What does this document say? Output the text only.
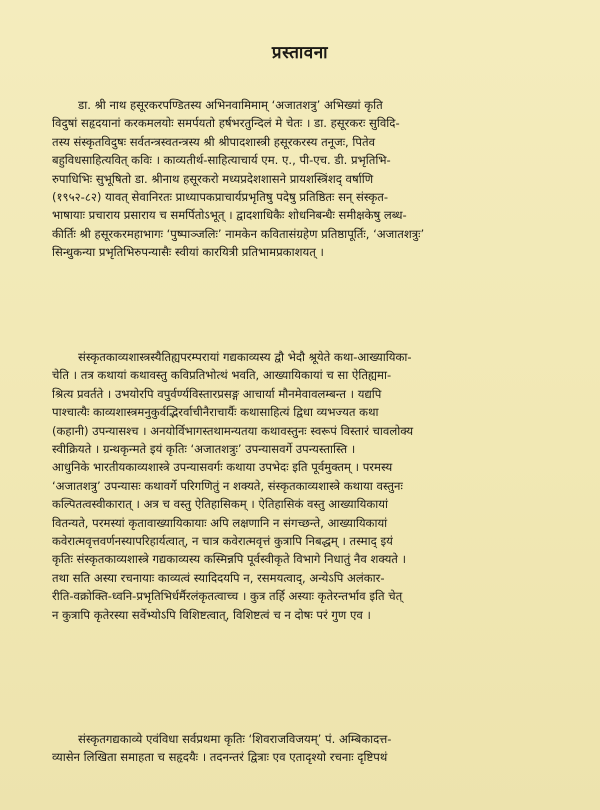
प्रस्तावना
डा. श्री नाथ हसूरकरपण्डितस्य अभिनवामिमाम् ‘अजातशत्रु’ अभिख्यां कृति
विदुषां सहृदयानां करकमलयोः समर्पयतो हर्षभरतुन्दिलं मे चेतः । डा. हसूरकरः सुविदि-
तस्य संस्कृतविदुषः सर्वतन्त्रस्वतन्त्रस्य श्री श्रीपादशास्त्री हसूरकरस्य तनूजः, पितेव
बहुविधसाहित्यवित् कविः । काव्यतीर्थ-साहित्याचार्य एम. ए., पी-एच. डी. प्रभृतिभि-
रुपाधिभिः सुभूषितो डा. श्रीनाथ हसूरकरो मध्यप्रदेशशासने प्रायशस्त्रिंशद् वर्षाणि
(१९५२-८२) यावत् सेवानिरतः प्राध्यापकप्राचार्यप्रभृतिषु पदेषु प्रतिष्ठितः सन् संस्कृत-
भाषायाः प्रचाराय प्रसाराय च समर्पितोऽभूत् । द्वादशाधिकैः शोधनिबन्धैः समीक्षकेषु लब्ध-
कीर्तिः श्री हसूरकरमहाभागः ‘पुष्पाञ्जलिः’ नामकेन कवितासंग्रहेण प्रतिष्ठापूर्तिः, ‘अजातशत्रुः’
सिन्धुकन्या प्रभृतिभिरुपन्यासैः स्वीयां कारयित्री प्रतिभामप्रकाशयत् ।
संस्कृतकाव्यशास्त्रस्यैतिह्यपरम्परायां गद्यकाव्यस्य द्वौ भेदौ श्रूयेते कथा-आख्यायिका-
चेति । तत्र कथायां कथावस्तु कविप्रतिभोत्थं भवति, आख्यायिकायां च सा ऐतिह्यमा-
श्रित्य प्रवर्तते । उभयोरपि वपुर्वर्ण्यविस्तारप्रसङ्ग आचार्या मौनमेवावलम्बन्त । यद्यपि
पाश्चात्यैः काव्यशास्त्रमनुकुर्वद्भिरर्वाचीनैराचार्यैः कथासाहित्यं द्विधा व्यभज्यत कथा
(कहानी) उपन्यासश्च । अनयोर्विभागस्तथामन्यतया कथावस्तुनः स्वरूपं विस्तारं चावलोक्य
स्वीक्रियते । ग्रन्थकृन्मते इयं कृतिः ‘अजातशत्रुः’ उपन्यासवर्गे उपन्यस्तास्ति ।
आधुनिके भारतीयकाव्यशास्त्रे उपन्यासवर्गः कथाया उपभेदः इति पूर्वमुक्तम् । परमस्य
‘अजातशत्रु’ उपन्यासः कथावर्गे परिगणितुं न शक्यते, संस्कृतकाव्यशास्त्रे कथाया वस्तुनः
कल्पितत्वस्वीकारात् । अत्र च वस्तु ऐतिहासिकम् । ऐतिहासिकं वस्तु आख्यायिकायां
वितन्यते, परमस्यां कृतावाख्यायिकायाः अपि लक्षणानि न संगच्छन्ते, आख्यायिकायां
कवेरात्मवृत्तवर्णनस्यापरिहार्यत्वात्, न चात्र कवेरात्मवृत्तं कुत्रापि निबद्धम् । तस्माद् इयं
कृतिः संस्कृतकाव्यशास्त्रे गद्यकाव्यस्य कस्मिन्नपि पूर्वस्वीकृते विभागे निधातुं नैव शक्यते ।
तथा सति अस्या रचनायाः काव्यत्वं स्यादिदयपि न, रसमयत्वाद्, अन्येऽपि अलंकार-
रीति-वक्रोक्ति-ध्वनि-प्रभृतिभिर्धर्मैरलंकृतत्वाच्च । कुत्र तर्हि अस्याः कृतेरन्तर्भाव इति चेत्
न कुत्रापि कृतेरस्या सर्वेभ्योऽपि विशिष्टत्वात्, विशिष्टत्वं च न दोषः परं गुण एव ।
संस्कृतगद्यकाव्ये एवंविधा सर्वप्रथमा कृतिः ‘शिवराजविजयम्’ पं. अम्बिकादत्त-
व्यासेन लिखिता समाहता च सहृदयैः । तदनन्तरं द्वित्राः एव एतादृश्यो रचनाः दृष्टिपथं
